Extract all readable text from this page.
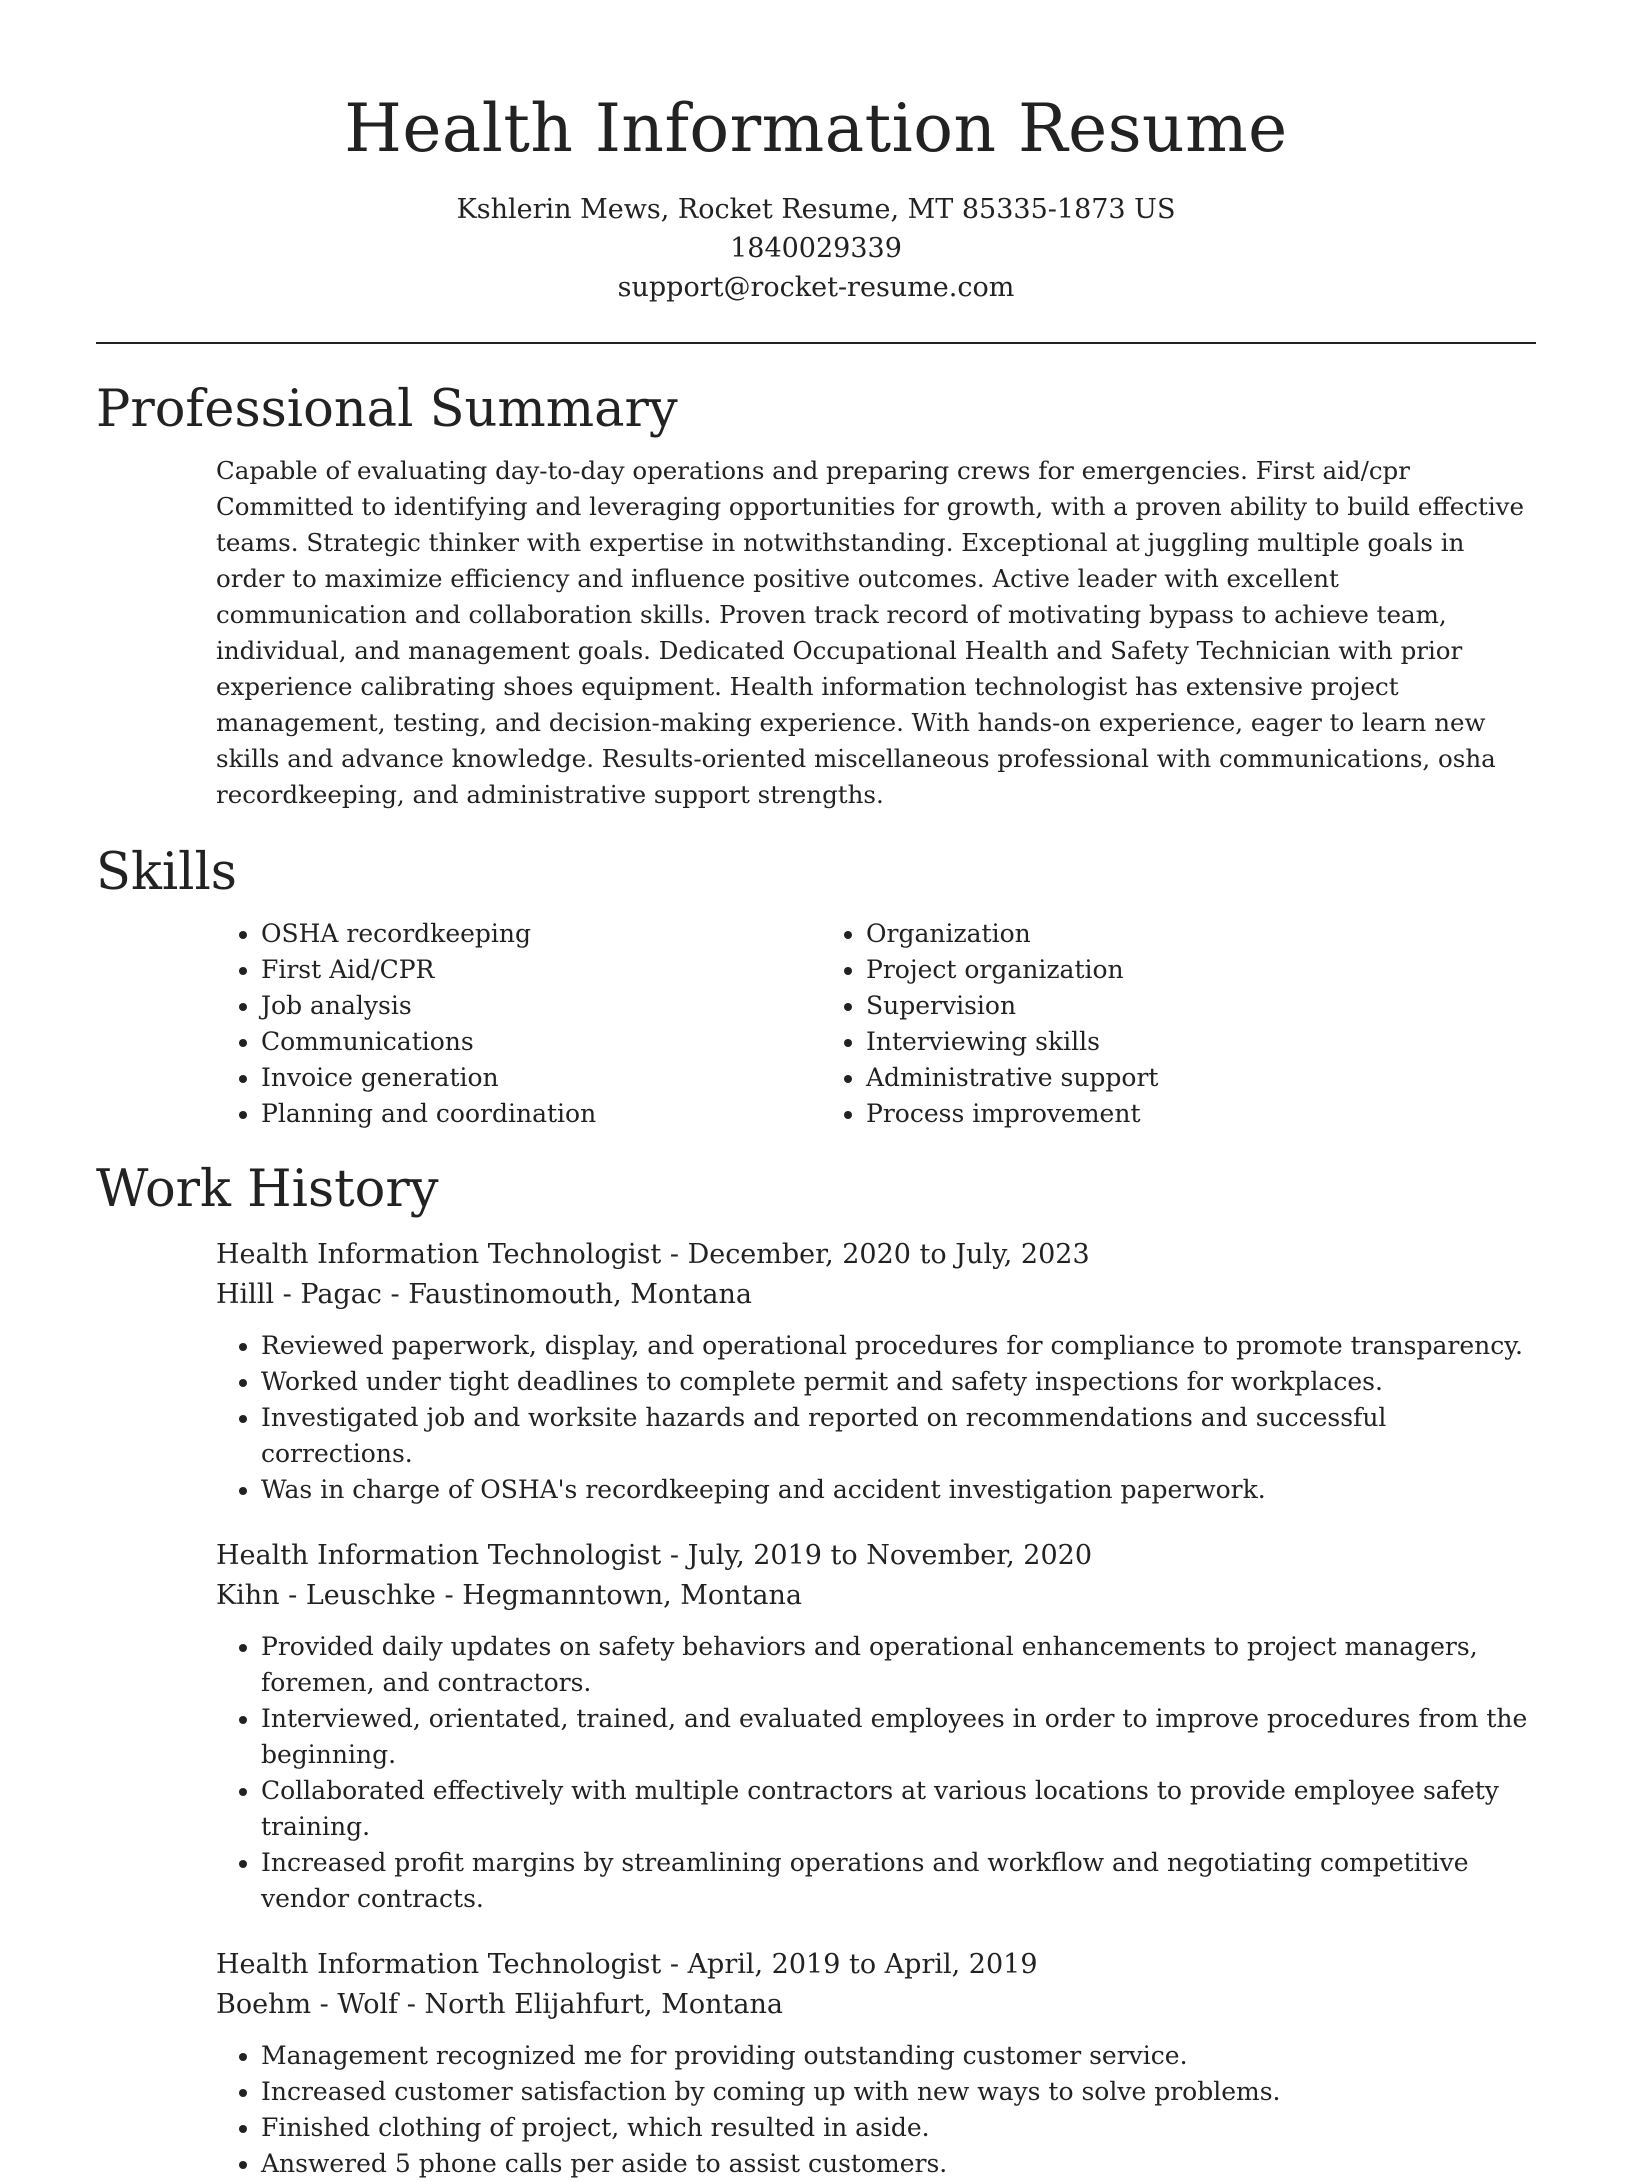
Health Information Resume

Kshlerin Mews, Rocket Resume, MT 85335-1873 US

1840029339

support@rocket-resume.com

Professional Summary

Capable of evaluating day-to-day operations and preparing crews for emergencies. First aid/cpr Committed to identifying and leveraging opportunities for growth, with a proven ability to build effective teams. Strategic thinker with expertise in notwithstanding. Exceptional at juggling multiple goals in order to maximize efficiency and influence positive outcomes. Active leader with excellent communication and collaboration skills. Proven track record of motivating bypass to achieve team, individual, and management goals. Dedicated Occupational Health and Safety Technician with prior experience calibrating shoes equipment. Health information technologist has extensive project management, testing, and decision-making experience. With hands-on experience, eager to learn new skills and advance knowledge. Results-oriented miscellaneous professional with communications, osha recordkeeping, and administrative support strengths.

Skills
• OSHA recordkeeping
• First Aid/CPR
• Job analysis
• Communications
• Invoice generation
• Planning and coordination
• Organization
• Project organization
• Supervision
• Interviewing skills
• Administrative support
• Process improvement
Work History

Health Information Technologist - December, 2020 to July, 2023

Hilll - Pagac - Faustinomouth, Montana

• Reviewed paperwork, display, and operational procedures for compliance to promote transparency.
• Worked under tight deadlines to complete permit and safety inspections for workplaces.
• Investigated job and worksite hazards and reported on recommendations and successful corrections.
• Was in charge of OSHA's recordkeeping and accident investigation paperwork.

Health Information Technologist - July, 2019 to November, 2020

Kihn - Leuschke - Hegmanntown, Montana

• Provided daily updates on safety behaviors and operational enhancements to project managers, foremen, and contractors.
• Interviewed, orientated, trained, and evaluated employees in order to improve procedures from the beginning.
• Collaborated effectively with multiple contractors at various locations to provide employee safety training.
• Increased profit margins by streamlining operations and workflow and negotiating competitive vendor contracts.

Health Information Technologist - April, 2019 to April, 2019

Boehm - Wolf - North Elijahfurt, Montana

• Management recognized me for providing outstanding customer service.
• Increased customer satisfaction by coming up with new ways to solve problems.
• Finished clothing of project, which resulted in aside.
• Answered 5 phone calls per aside to assist customers.
